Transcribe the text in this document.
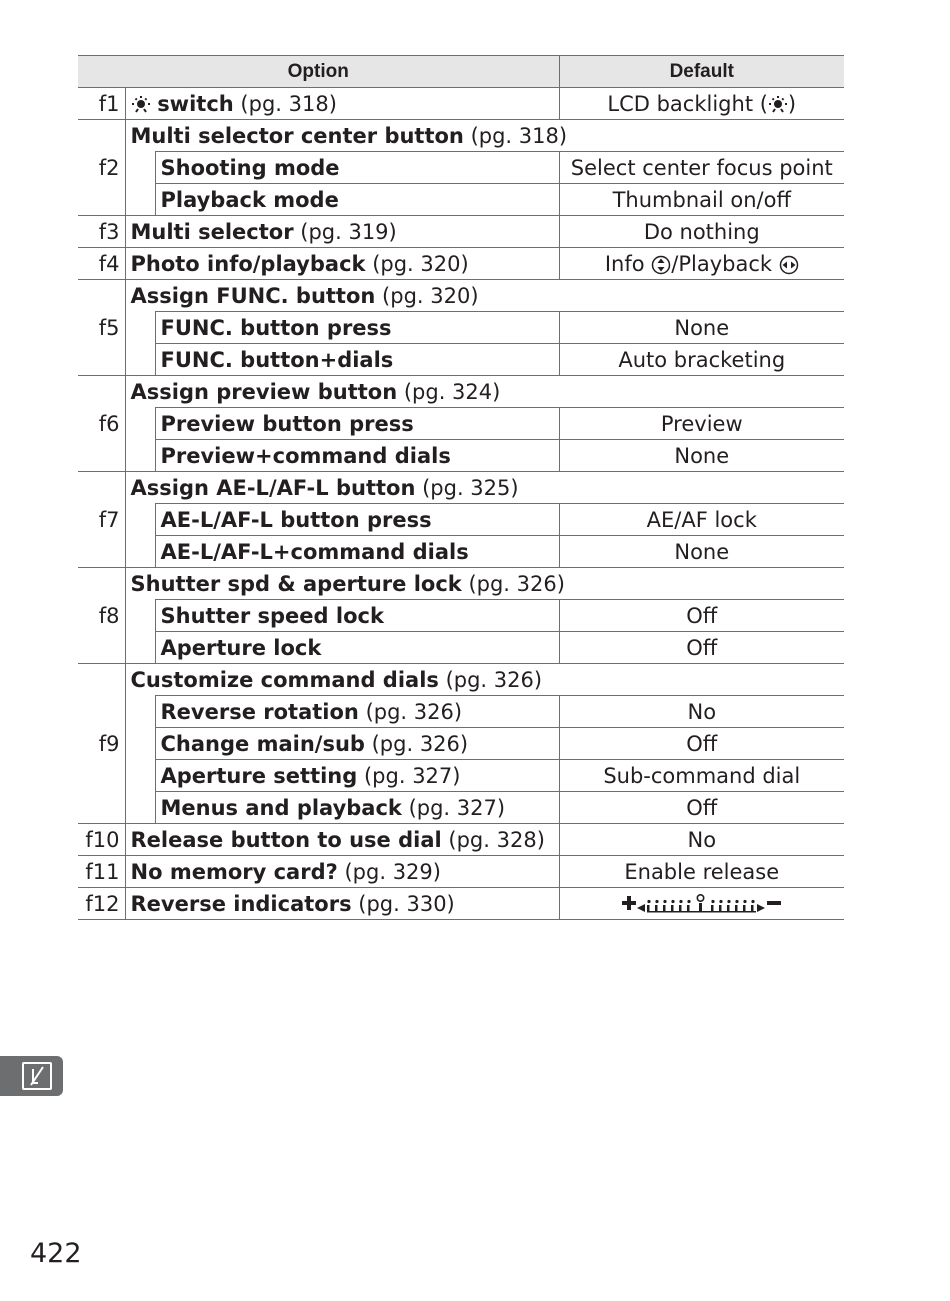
Option			Default
f1	switch (pg. 318)		LCD backlight ( )
f2	Multi selector center button (pg. 318)		
		Shooting mode	Select center focus point
		Playback mode	Thumbnail on/off
f3	Multi selector (pg. 319)		Do nothing
f4	Photo info/playback (pg. 320)		Info /Playback
f5	Assign FUNC. button (pg. 320)		
		FUNC. button press	None
		FUNC. button+dials	Auto bracketing
f6	Assign preview button (pg. 324)		
		Preview button press	Preview
		Preview+command dials	None
f7	Assign AE-L/AF-L button (pg. 325)		
		AE-L/AF-L button press	AE/AF lock
		AE-L/AF-L+command dials	None
f8	Shutter spd & aperture lock (pg. 326)		
		Shutter speed lock	Off
		Aperture lock	Off
f9	Customize command dials (pg. 326)		
		Reverse rotation (pg. 326)	No
		Change main/sub (pg. 326)	Off
		Aperture setting (pg. 327)	Sub-command dial
		Menus and playback (pg. 327)	Off
f10	Release button to use dial (pg. 328)		No
f11	No memory card? (pg. 329)		Enable release
f12	Reverse indicators (pg. 330)	
422
